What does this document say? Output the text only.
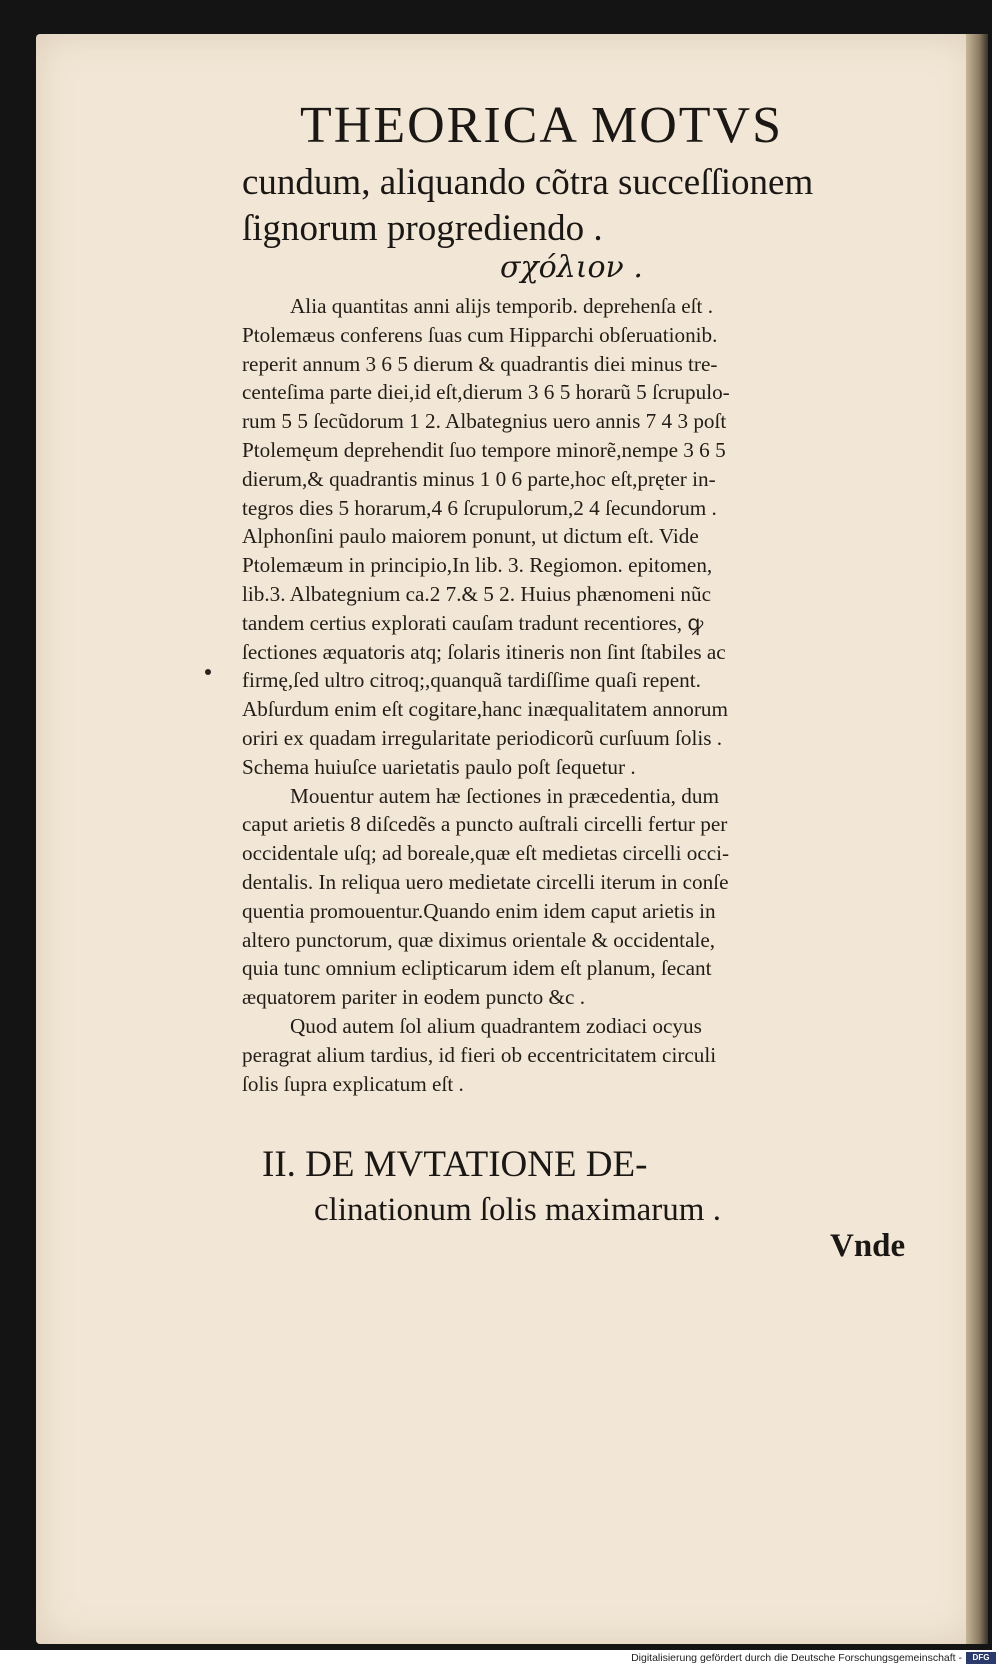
THEORICA MOTVS
cundum, aliquando cõtra succeſſionem
ſignorum progrediendo .
σχόλιον .
Alia quantitas anni alijs temporib. deprehenſa eſt .
Ptolemæus conferens ſuas cum Hipparchi obſeruationib.
reperit annum 3 6 5 dierum & quadrantis diei minus tre-
centeſima parte diei,id eſt,dierum 3 6 5 horarũ 5 ſcrupulo-
rum 5 5 ſecũdorum 1 2. Albategnius uero annis 7 4 3 poſt
Ptolemęum deprehendit ſuo tempore minorẽ,nempe 3 6 5
dierum,& quadrantis minus 1 0 6 parte,hoc eſt,pręter in-
tegros dies 5 horarum,4 6 ſcrupulorum,2 4 ſecundorum .
Alphonſini paulo maiorem ponunt, ut dictum eſt. Vide
Ptolemæum in principio,In lib. 3. Regiomon. epitomen,
lib.3. Albategnium ca.2 7.& 5 2. Huius phænomeni nũc
tandem certius explorati cauſam tradunt recentiores, ꝙ
ſectiones æquatoris atq; ſolaris itineris non ſint ſtabiles ac
firmę,ſed ultro citroq;,quanquã tardiſſime quaſi repent.
Abſurdum enim eſt cogitare,hanc inæqualitatem annorum
oriri ex quadam irregularitate periodicorũ curſuum ſolis .
Schema huiuſce uarietatis paulo poſt ſequetur .
Mouentur autem hæ ſectiones in præcedentia, dum
caput arietis 8 diſcedẽs a puncto auſtrali circelli fertur per
occidentale uſq; ad boreale,quæ eſt medietas circelli occi-
dentalis. In reliqua uero medietate circelli iterum in conſe
quentia promouentur.Quando enim idem caput arietis in
altero punctorum, quæ diximus orientale & occidentale,
quia tunc omnium eclipticarum idem eſt planum, ſecant
æquatorem pariter in eodem puncto &c .
Quod autem ſol alium quadrantem zodiaci ocyus
peragrat alium tardius, id fieri ob eccentricitatem circuli
ſolis ſupra explicatum eſt .
II. DE MVTATIONE DE-
clinationum ſolis maximarum .
Vnde
Digitalisierung gefördert durch die Deutsche Forschungsgemeinschaft -	DFG
